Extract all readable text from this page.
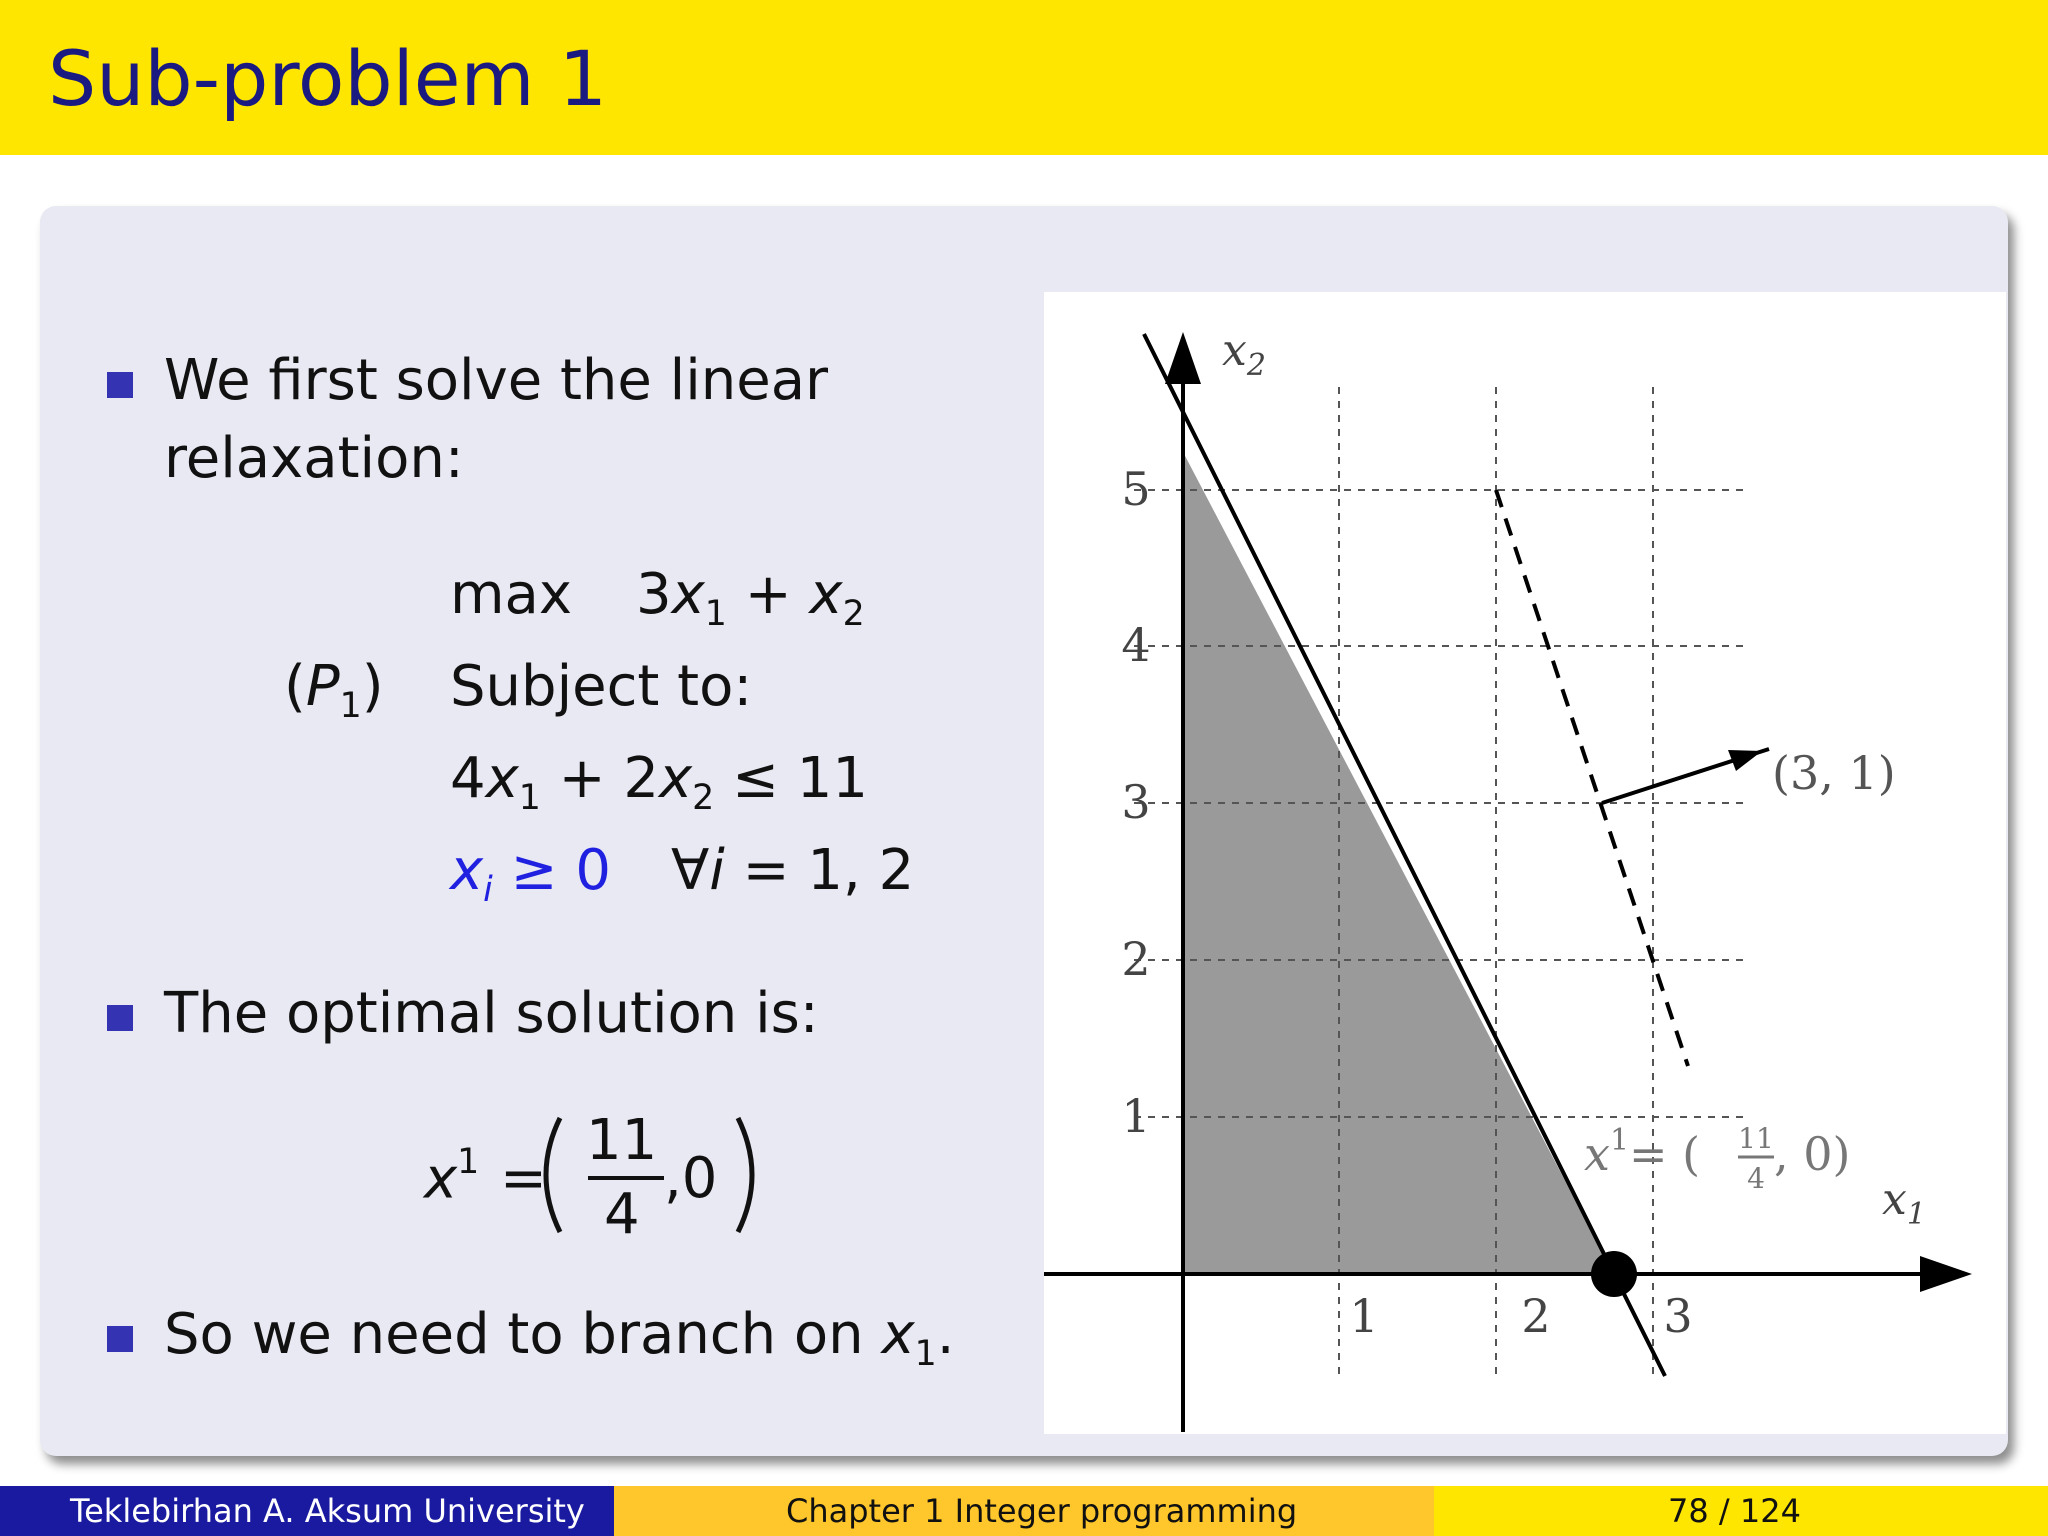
Sub-problem 1
We first solve the linear relaxation:
$(P_1)$
$\max 3x_1 + x_2$
Subject to:
$4x_1 + 2x_2 \le 11$
$x_i \ge 0$ ∀i = 1, 2
The optimal solution is:
$x^1$ =
11
4
,0
So we need to branch on $x_1$.
$x_2$
$x_1$
1	2 3
1
2
3
4
5
(3, 1)
$x^1$ = ( 11
4 , 0)
Teklebirhan A. Aksum University	Chapter 1 Integer programming	78 / 124
